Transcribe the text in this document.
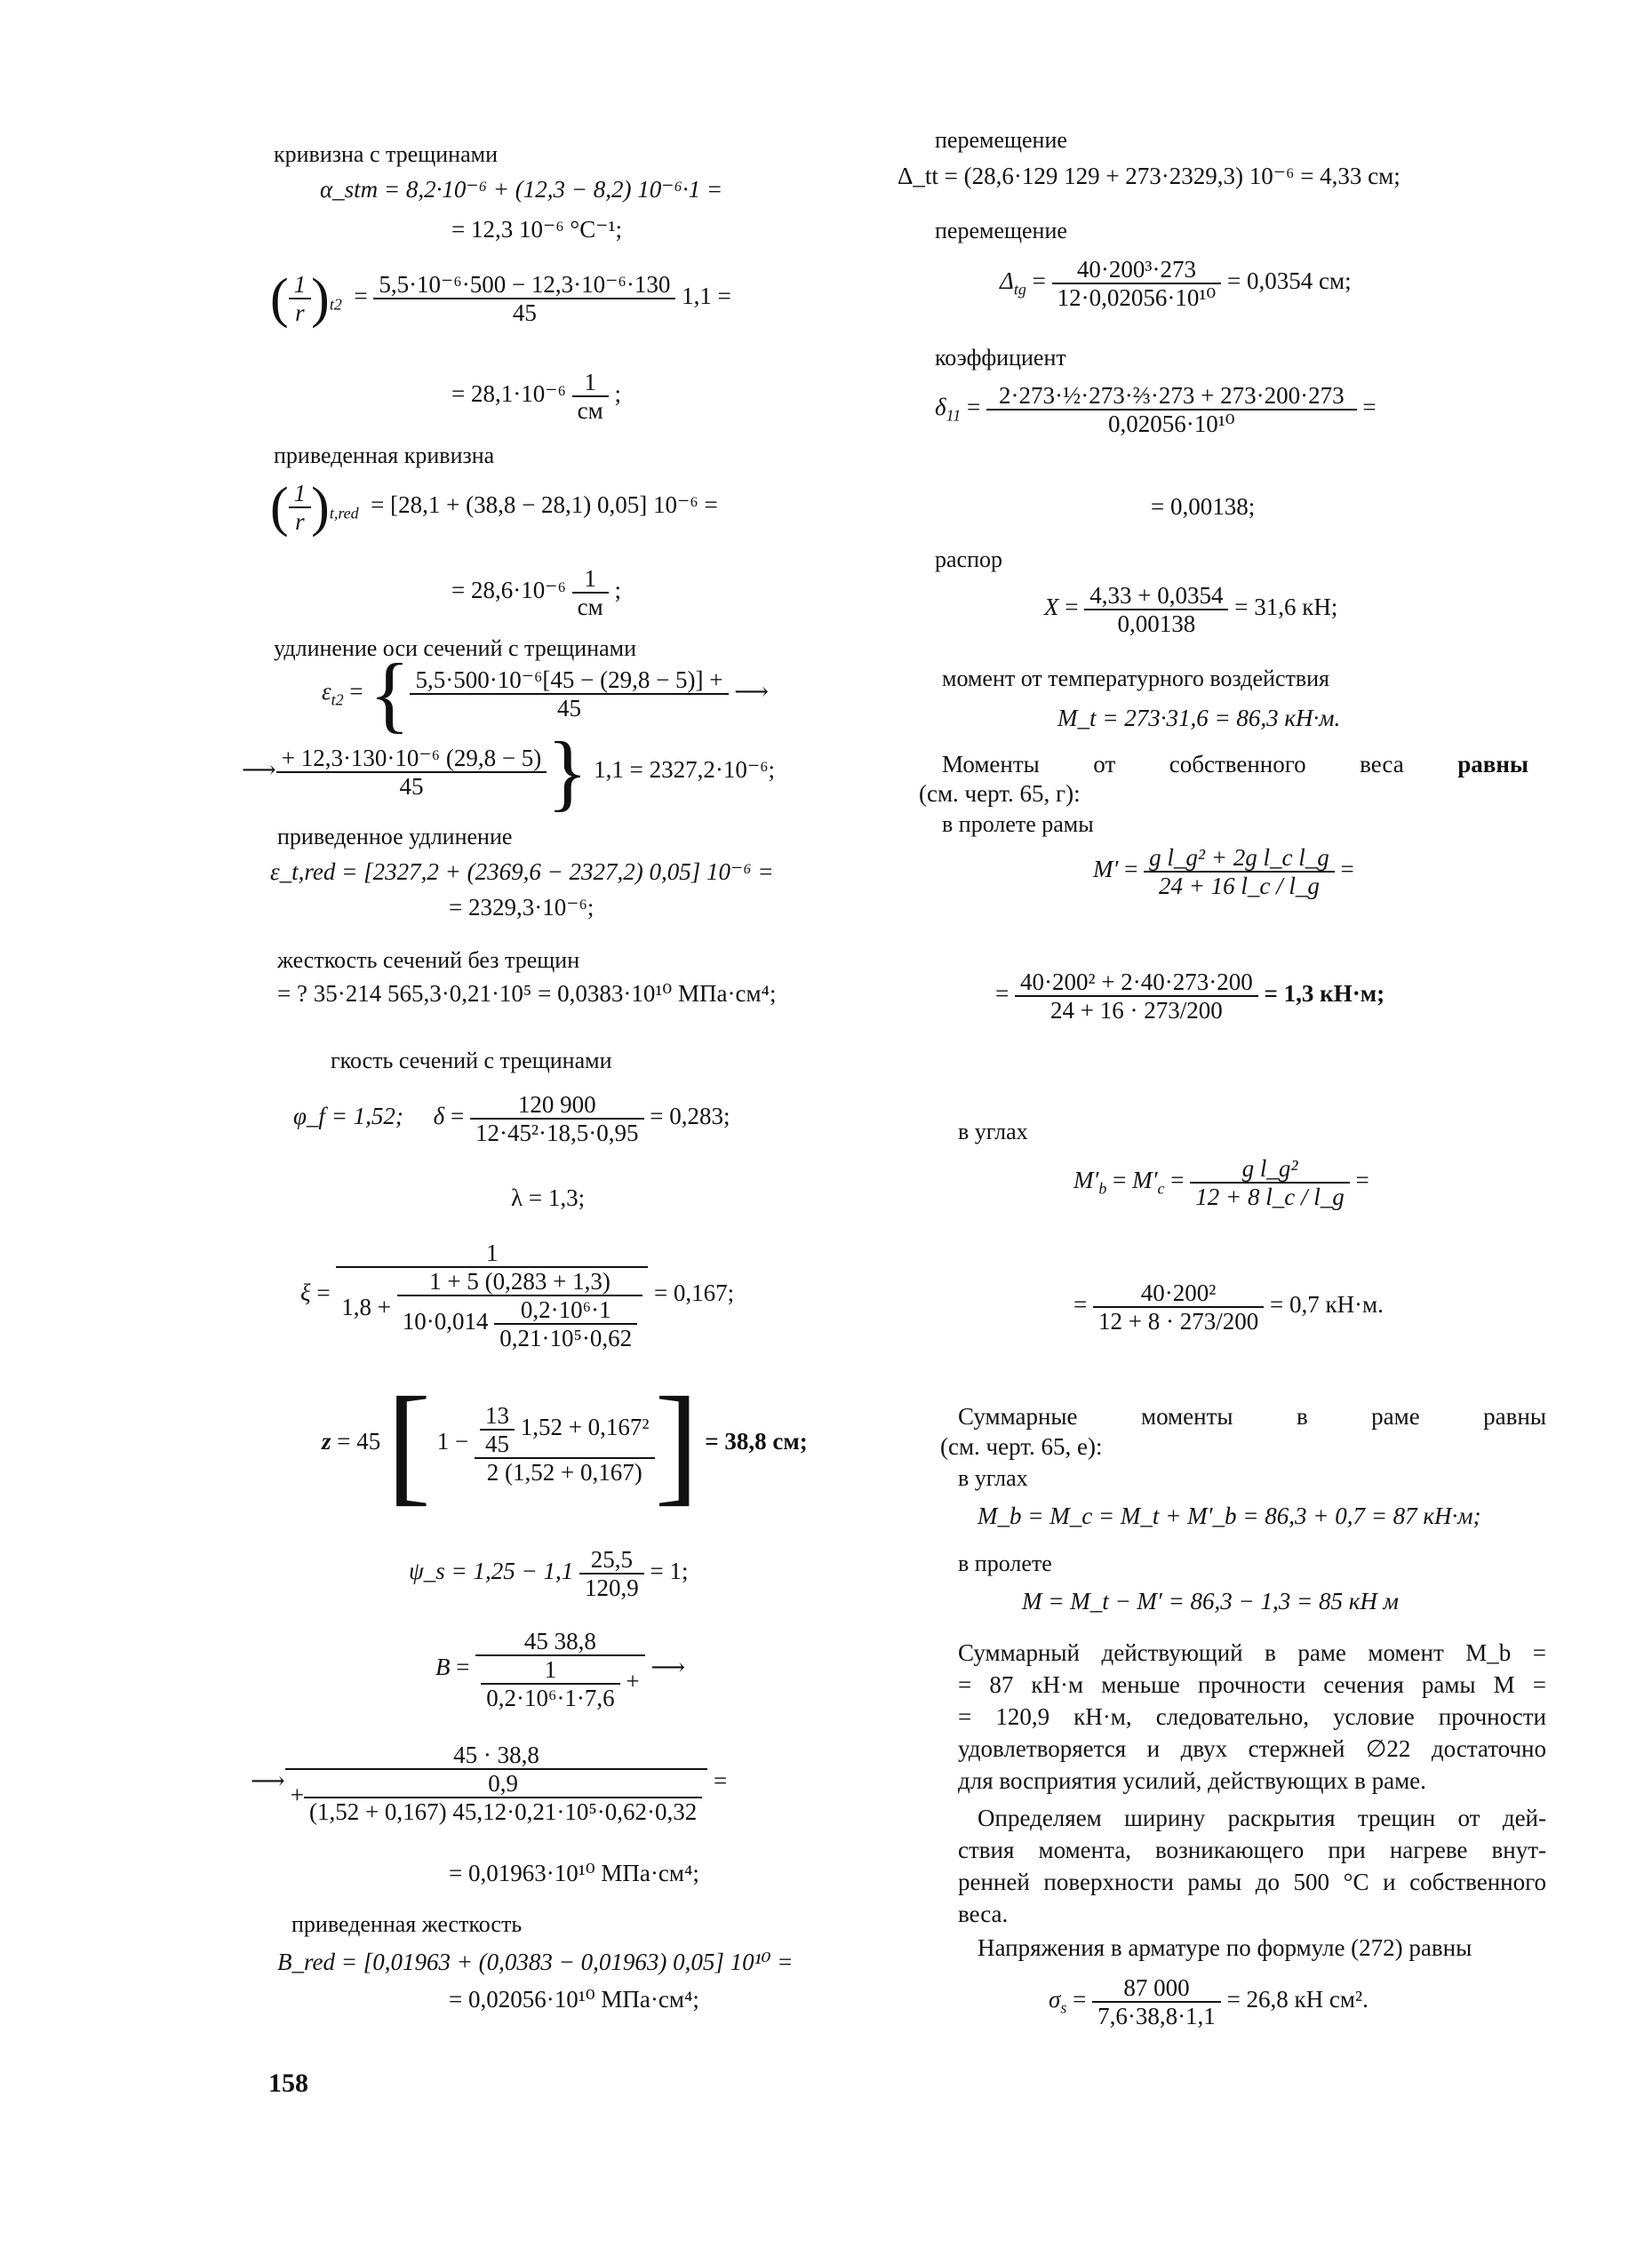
кривизна с трещинами
α_stm = 8,2·10⁻⁶ + (12,3 − 8,2) 10⁻⁶·1 =
= 12,3 10⁻⁶ °C⁻¹;
( $\frac{1}{r} )_{t2} = \frac{\text{5,5·10⁻⁶·500 − 12,3·10⁻⁶·130}}{45} 1,1$ =
= 28,1·10⁻⁶ 1
см
;
приведенная кривизна
( $\frac{1}{r} )_{t,red} = [28,1 + (38,8 - 28,1)$ 0,05] 10⁻⁶ =
= 28,6·10⁻⁶ 1
см
;
удлинение оси сечений с трещинами
$\varepsilon_{t2}$ = { $\frac{\text{5,5·500·10⁻⁶[45 − (29,8 − 5)] +}}{45}$ ⟶
⟶ $\frac{\text{+ 12,3·130·10⁻⁶ (29,8 − 5)}}{45}$ } 1,1 = 2327,2·10⁻⁶;
приведенное удлинение
ε_t,red = [2327,2 + (2369,6 − 2327,2) 0,05] 10⁻⁶ =
= 2329,3·10⁻⁶;
жесткость сечений без трещин
= ? 35·214 565,3·0,21·10⁵ = 0,0383·10¹⁰ МПа·см⁴;
гкость сечений с трещинами
φ_f = 1,52; $\delta = \frac{120 900}{\text{12·45²·18,5·0,95}} = 0,283$;
λ = 1,3;
$\xi = \frac{1}{1,8 + \frac{1 + 5 (0,283 + 1,3)}{10\cdot 0,014 \frac{\text{0,2·10⁶·1}}{\text{0,21·10⁵·0,62}}}} = 0,167$;
z = 45 [ $1 - \frac{\frac{13}{45} 1,52 + 0,167^2}{2 (1,52 + 0,167)}$ ] = 38,8 см;
ψ_s = $1,25 - 1,1 \frac{25,5}{120,9} = 1$;
$B = \frac{45 38,8}{\frac{1}{\text{0,2·10⁶·1·7,6}} +}$ ⟶
⟶ $\frac{45 \cdot 38,8}{+ \frac{0,9}{\text{(1,52 + 0,167) 45,12·0,21·10⁵·0,62·0,32}}}$ =
= 0,01963·10¹⁰ МПа·см⁴;
приведенная жесткость
B_red = [0,01963 + (0,0383 − 0,01963) 0,05] 10¹⁰ =
= 0,02056·10¹⁰ МПа·см⁴;
158
перемещение
Δ_tt = (28,6·129 129 + 273·2329,3) 10⁻⁶ = 4,33 см;
перемещение
$\Delta_{tg} = \frac{\text{40·200³·273}}{\text{12·0,02056·10¹⁰}} = 0,0354$ см;
коэффициент
$\delta_{11} = \frac{\text{2·273·½·273·⅔·273 + 273·200·273}}{\text{0,02056·10¹⁰}}$ =
= 0,00138;
распор
$X = \frac{4,33 + 0,0354}{0,00138} = 31,6$ кН;
момент от температурного воздействия
M_t = 273·31,6 = 86,3 кН·м.
Моменты от собственного веса равны
(см. черт. 65, г):
в пролете рамы
$M' = \frac{\text{g l\_g² + 2g l\_c l\_g}}{24 + 16 l\_c / l\_g}$ =
= $\frac{\text{40·200² + 2·40·273·200}}{24 + 16 \cdot 273/200} = 1,3$ кН·м;
в углах
$M'_b = M'_c = \frac{\text{g l\_g²}}{12 + 8 l\_c / l\_g}$ =
= $\frac{\text{40·200²}}{12 + 8 \cdot 273/200} = 0,7$ кН·м.
Суммарные моменты в раме равны
(см. черт. 65, е):
в углах
M_b = M_c = M_t + M′_b = 86,3 + 0,7 = 87 кН·м;
в пролете
M = M_t − M′ = 86,3 − 1,3 = 85 кН м
Суммарный действующий в раме момент M_b =
= 87 кН·м меньше прочности сечения рамы M =
= 120,9 кН·м, следовательно, условие прочности
удовлетворяется и двух стержней ∅22 достаточно
для восприятия усилий, действующих в раме.
Определяем ширину раскрытия трещин от дей-
ствия момента, возникающего при нагреве внут-
ренней поверхности рамы до 500 °С и собственного
веса.
Напряжения в арматуре по формуле (272) равны
$\sigma_s = \frac{87 000}{7,6\cdot 38,8\cdot 1,1} = 26,8$ кН см².
